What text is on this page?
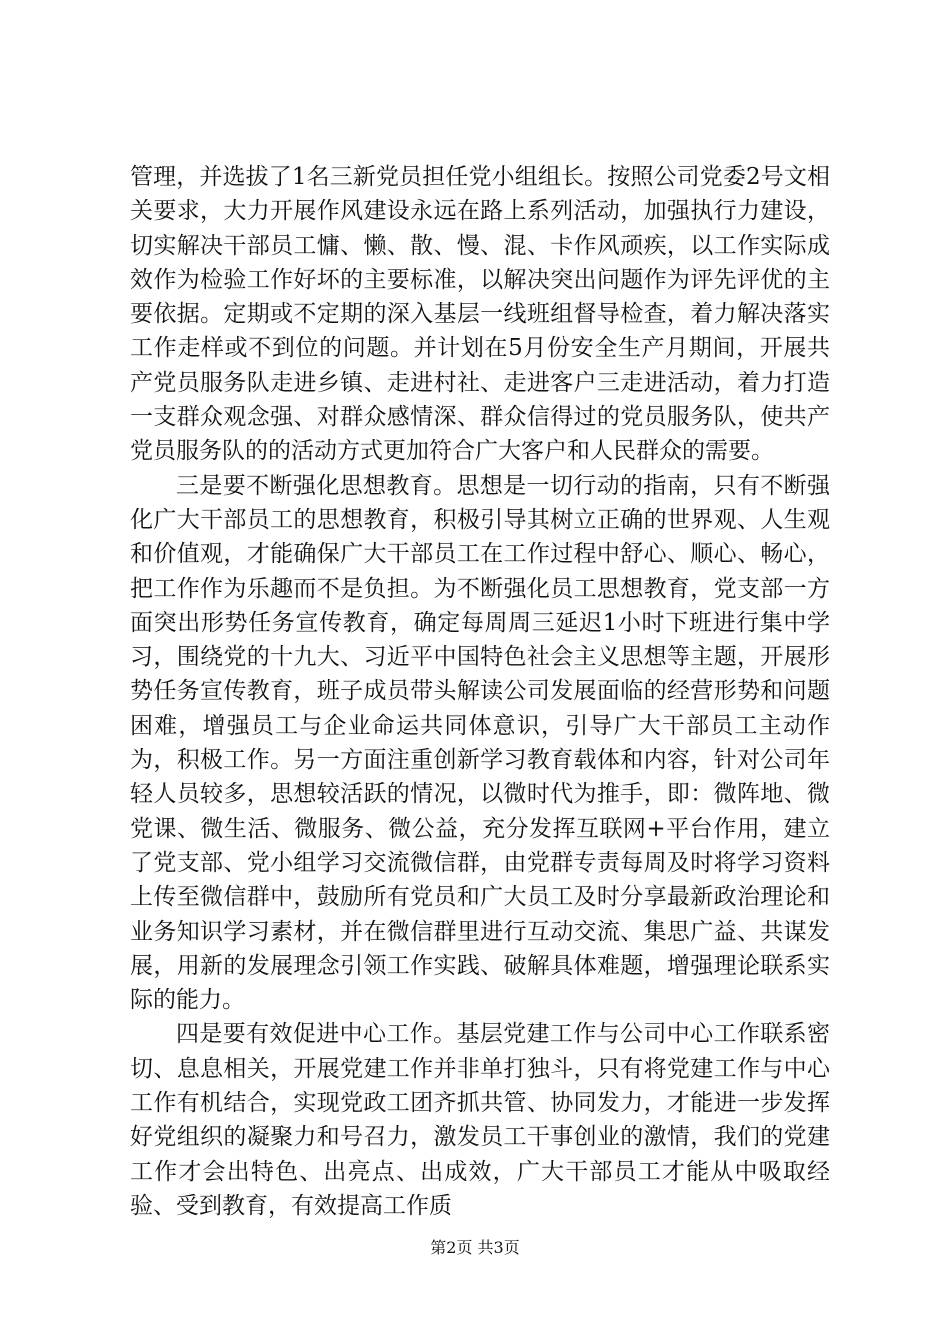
管理，并选拔了1名三新党员担任党小组组长。按照公司党委2号文相关要求，大力开展作风建设永远在路上系列活动，加强执行力建设，切实解决干部员工慵、懒、散、慢、混、卡作风顽疾，以工作实际成效作为检验工作好坏的主要标准，以解决突出问题作为评先评优的主要依据。定期或不定期的深入基层一线班组督导检查，着力解决落实工作走样或不到位的问题。并计划在5月份安全生产月期间，开展共产党员服务队走进乡镇、走进村社、走进客户三走进活动，着力打造一支群众观念强、对群众感情深、群众信得过的党员服务队，使共产党员服务队的的活动方式更加符合广大客户和人民群众的需要。

三是要不断强化思想教育。思想是一切行动的指南，只有不断强化广大干部员工的思想教育，积极引导其树立正确的世界观、人生观和价值观，才能确保广大干部员工在工作过程中舒心、顺心、畅心，把工作作为乐趣而不是负担。为不断强化员工思想教育，党支部一方面突出形势任务宣传教育，确定每周周三延迟1小时下班进行集中学习，围绕党的十九大、习近平中国特色社会主义思想等主题，开展形势任务宣传教育，班子成员带头解读公司发展面临的经营形势和问题困难，增强员工与企业命运共同体意识，引导广大干部员工主动作为，积极工作。另一方面注重创新学习教育载体和内容，针对公司年轻人员较多，思想较活跃的情况，以微时代为推手，即：微阵地、微党课、微生活、微服务、微公益，充分发挥互联网+平台作用，建立了党支部、党小组学习交流微信群，由党群专责每周及时将学习资料上传至微信群中，鼓励所有党员和广大员工及时分享最新政治理论和业务知识学习素材，并在微信群里进行互动交流、集思广益、共谋发展，用新的发展理念引领工作实践、破解具体难题，增强理论联系实际的能力。

四是要有效促进中心工作。基层党建工作与公司中心工作联系密切、息息相关，开展党建工作并非单打独斗，只有将党建工作与中心工作有机结合，实现党政工团齐抓共管、协同发力，才能进一步发挥好党组织的凝聚力和号召力，激发员工干事创业的激情，我们的党建工作才会出特色、出亮点、出成效，广大干部员工才能从中吸取经验、受到教育，有效提高工作质

第2页 共3页
